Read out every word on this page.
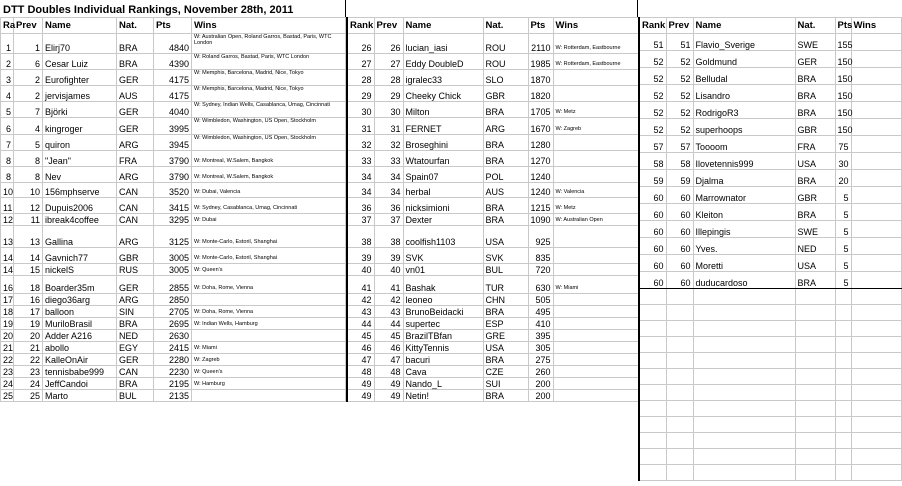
DTT Doubles Individual Rankings, November 28th, 2011
Ra	Prev	Name	Nat.	Pts	Wins
1	1	Elirj70	BRA	4840	W: Australian Open, Roland Garros, Bastad, Paris, WTC London
2	6	Cesar Luiz	BRA	4390	W: Roland Garros, Bastad, Paris, WTC London
3	2	Eurofighter	GER	4175	W: Memphis, Barcelona, Madrid, Nice, Tokyo
4	2	jervisjames	AUS	4175	W: Memphis, Barcelona, Madrid, Nice, Tokyo
5	7	Björki	GER	4040	W: Sydney, Indian Wells, Casablanca, Umag, Cincinnati
6	4	kingroger	GER	3995	W: Wimbledon, Washington, US Open, Stockholm
7	5	quiron	ARG	3945	W: Wimbledon, Washington, US Open, Stockholm
8	8	"Jean"	FRA	3790	W: Montreal, W.Salem, Bangkok
8	8	Nev	ARG	3790	W: Montreal, W.Salem, Bangkok
10	10	156mphserve	CAN	3520	W: Dubai, Valencia
11	12	Dupuis2006	CAN	3415	W: Sydney, Casablanca, Umag, Cincinnati
12	11	ibreak4coffee	CAN	3295	W: Dubai
13	13	Gallina	ARG	3125	W: Monte-Carlo, Estoril, Shanghai
14	14	Gavnich77	GBR	3005	W: Monte-Carlo, Estoril, Shanghai
14	15	nickelS	RUS	3005	W: Queen's
16	18	Boarder35m	GER	2855	W: Doha, Rome, Vienna
17	16	diego36arg	ARG	2850	
18	17	balloon	SIN	2705	W: Doha, Rome, Vienna
19	19	MuriloBrasil	BRA	2695	W: Indian Wells, Hamburg
20	20	Adder A216	NED	2630	
21	21	abollo	EGY	2415	W: Miami
22	22	KalleOnAir	GER	2280	W: Zagreb
23	23	tennisbabe999	CAN	2230	W: Queen's
24	24	JeffCandoi	BRA	2195	W: Hamburg
25	25	Marto	BUL	2135	
Rank	Prev	Name	Nat.	Pts	Wins
26	26	lucian_iasi	ROU	2110	W: Rotterdam, Eastbourne
27	27	Eddy DoubleD	ROU	1985	W: Rotterdam, Eastbourne
28	28	igralec33	SLO	1870	
29	29	Cheeky Chick	GBR	1820	
30	30	Milton	BRA	1705	W: Metz
31	31	FERNET	ARG	1670	W: Zagreb
32	32	Broseghini	BRA	1280	
33	33	Wtatourfan	BRA	1270	
34	34	Spain07	POL	1240	
34	34	herbal	AUS	1240	W: Valencia
36	36	nicksimioni	BRA	1215	W: Metz
37	37	Dexter	BRA	1090	W: Australian Open
38	38	coolfish1103	USA	925	
39	39	SVK	SVK	835	
40	40	vn01	BUL	720	
41	41	Bashak	TUR	630	W: Miami
42	42	leoneo	CHN	505	
43	43	BrunoBeidacki	BRA	495	
44	44	supertec	ESP	410	
45	45	BrazilTBfan	GRE	395	
46	46	KittyTennis	USA	305	
47	47	bacuri	BRA	275	
48	48	Cava	CZE	260	
49	49	Nando_L	SUI	200	
49	49	Netin!	BRA	200	
Rank	Prev	Name	Nat.	Pts	Wins
51	51	Flavio_Sverige	SWE	155	
52	52	Goldmund	GER	150	
52	52	Belludal	BRA	150	
52	52	Lisandro	BRA	150	
52	52	RodrigoR3	BRA	150	
52	52	superhoops	GBR	150	
57	57	Toooom	FRA	75	
58	58	Ilovetennis999	USA	30	
59	59	Djalma	BRA	20	
60	60	Marrownator	GBR	5	
60	60	Kleiton	BRA	5	
60	60	Illepingis	SWE	5	
60	60	Yves.	NED	5	
60	60	Moretti	USA	5	
60	60	duducardoso	BRA	5	
